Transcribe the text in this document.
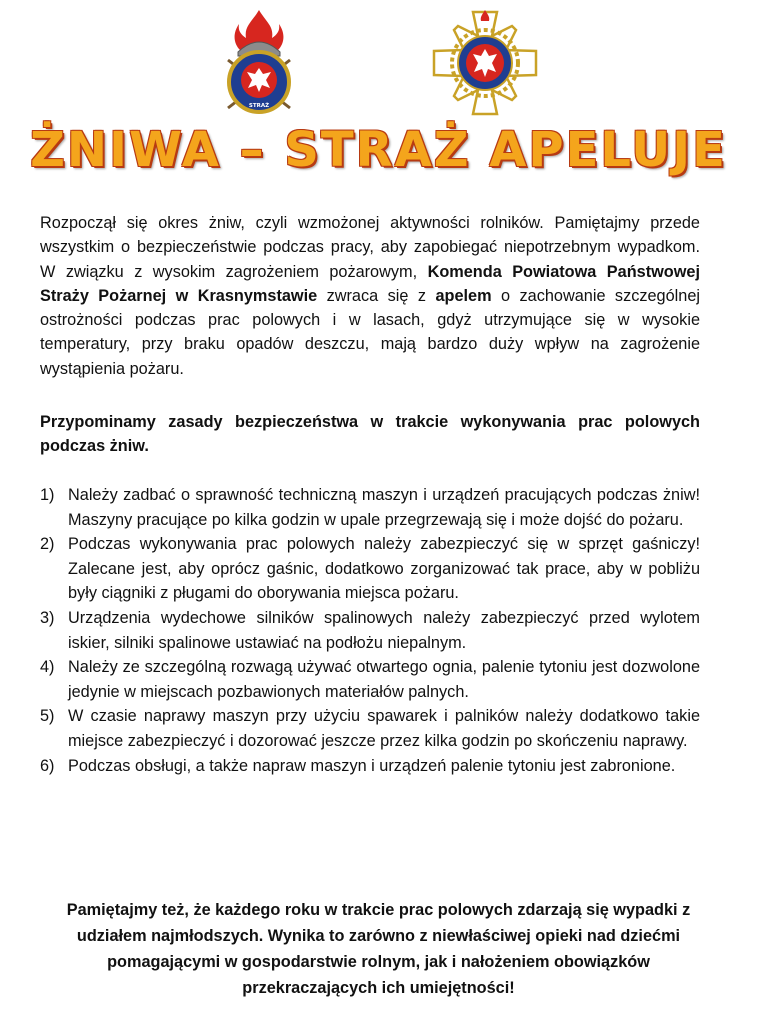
STRAŻ
ŻNIWA – STRAŻ APELUJE
Rozpoczął się okres żniw, czyli wzmożonej aktywności rolników. Pamiętajmy przede wszystkim o bezpieczeństwie podczas pracy, aby zapobiegać niepotrzebnym wypadkom. W związku z wysokim zagrożeniem pożarowym, Komenda Powiatowa Państwowej Straży Pożarnej w Krasnymstawie zwraca się z apelem o zachowanie szczególnej ostrożności podczas prac polowych i w lasach, gdyż utrzymujące się w wysokie temperatury, przy braku opadów deszczu, mają bardzo duży wpływ na zagrożenie wystąpienia pożaru.
Przypominamy zasady bezpieczeństwa w trakcie wykonywania prac polowych podczas żniw.
1) Należy zadbać o sprawność techniczną maszyn i urządzeń pracujących podczas żniw! Maszyny pracujące po kilka godzin w upale przegrzewają się i może dojść do pożaru.
2) Podczas wykonywania prac polowych należy zabezpieczyć się w sprzęt gaśniczy! Zalecane jest, aby oprócz gaśnic, dodatkowo zorganizować tak prace, aby w pobliżu były ciągniki z pługami do oborywania miejsca pożaru.
3) Urządzenia wydechowe silników spalinowych należy zabezpieczyć przed wylotem iskier, silniki spalinowe ustawiać na podłożu niepalnym.
4) Należy ze szczególną rozwagą używać otwartego ognia, palenie tytoniu jest dozwolone jedynie w miejscach pozbawionych materiałów palnych.
5) W czasie naprawy maszyn przy użyciu spawarek i palników należy dodatkowo takie miejsce zabezpieczyć i dozorować jeszcze przez kilka godzin po skończeniu naprawy.
6) Podczas obsługi, a także napraw maszyn i urządzeń palenie tytoniu jest zabronione.
Pamiętajmy też, że każdego roku w trakcie prac polowych zdarzają się wypadki z udziałem najmłodszych. Wynika to zarówno z niewłaściwej opieki nad dziećmi pomagającymi w gospodarstwie rolnym, jak i nałożeniem obowiązków przekraczających ich umiejętności!
